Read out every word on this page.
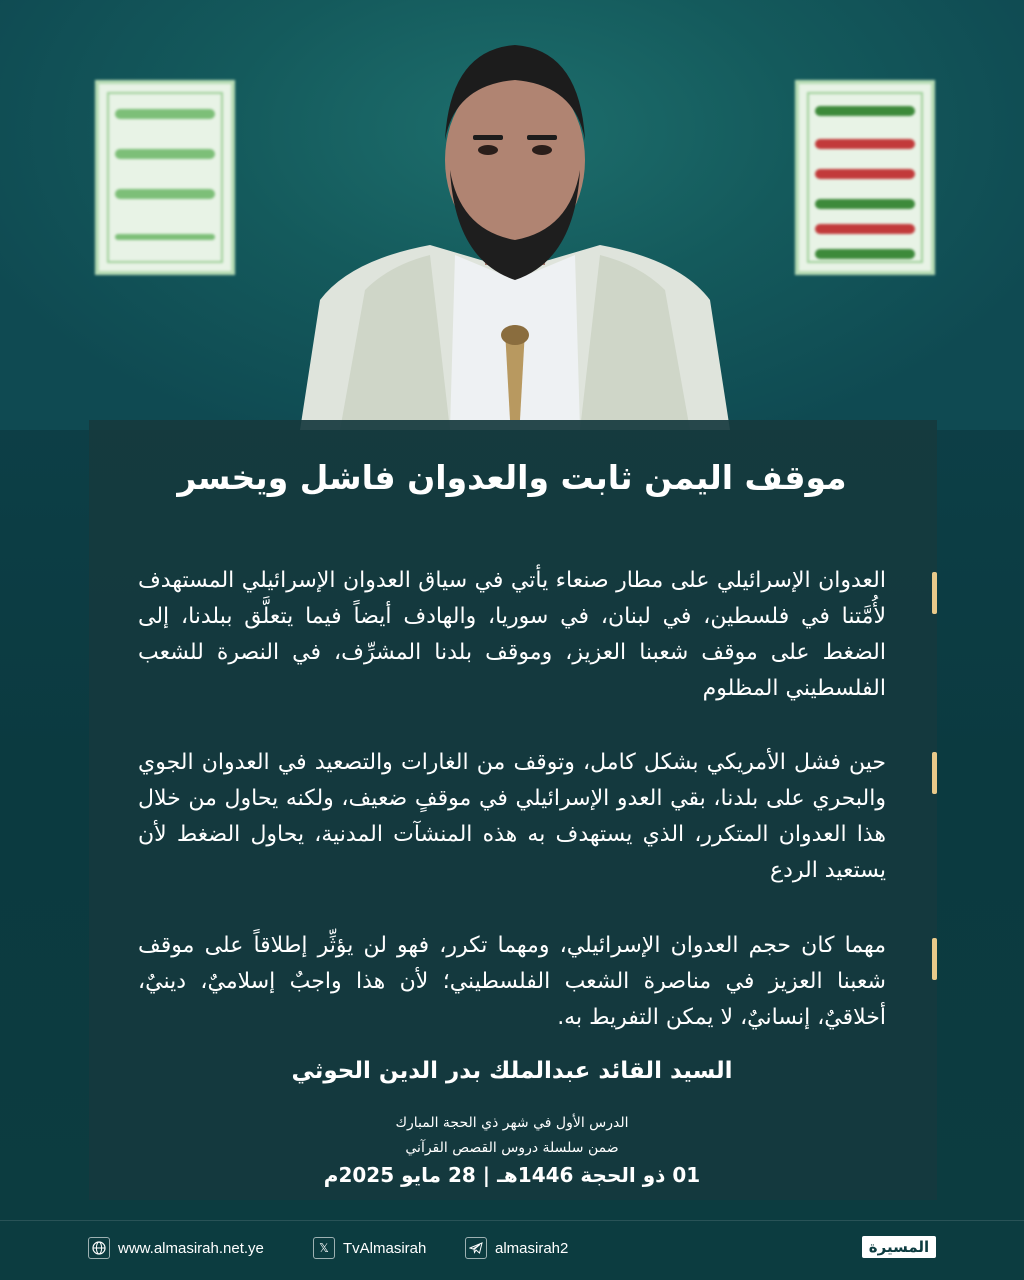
موقف اليمن ثابت والعدوان فاشل ويخسر
العدوان الإسرائيلي على مطار صنعاء يأتي في سياق العدوان الإسرائيلي المستهدف لأُمَّتنا في فلسطين، في لبنان، في سوريا، والهادف أيضاً فيما يتعلَّق ببلدنا، إلى الضغط على موقف شعبنا العزيز، وموقف بلدنا المشرِّف، في النصرة للشعب الفلسطيني المظلوم
حين فشل الأمريكي بشكل كامل، وتوقف من الغارات والتصعيد في العدوان الجوي والبحري على بلدنا، بقي العدو الإسرائيلي في موقفٍ ضعيف، ولكنه يحاول من خلال هذا العدوان المتكرر، الذي يستهدف به هذه المنشآت المدنية، يحاول الضغط لأن يستعيد الردع
مهما كان حجم العدوان الإسرائيلي، ومهما تكرر، فهو لن يؤثِّر إطلاقاً على موقف شعبنا العزيز في مناصرة الشعب الفلسطيني؛ لأن هذا واجبٌ إسلاميٌ، دينيٌ، أخلاقيٌ، إنسانيٌ، لا يمكن التفريط به.
السيد القائد عبدالملك بدر الدين الحوثي
الدرس الأول في شهر ذي الحجة المبارك
ضمن سلسلة دروس القصص القرآني
01 ذو الحجة 1446هـ | 28 مايو 2025م
www.almasirah.net.ye	𝕏 TvAlmasirah	almasirah2	المسيرة
